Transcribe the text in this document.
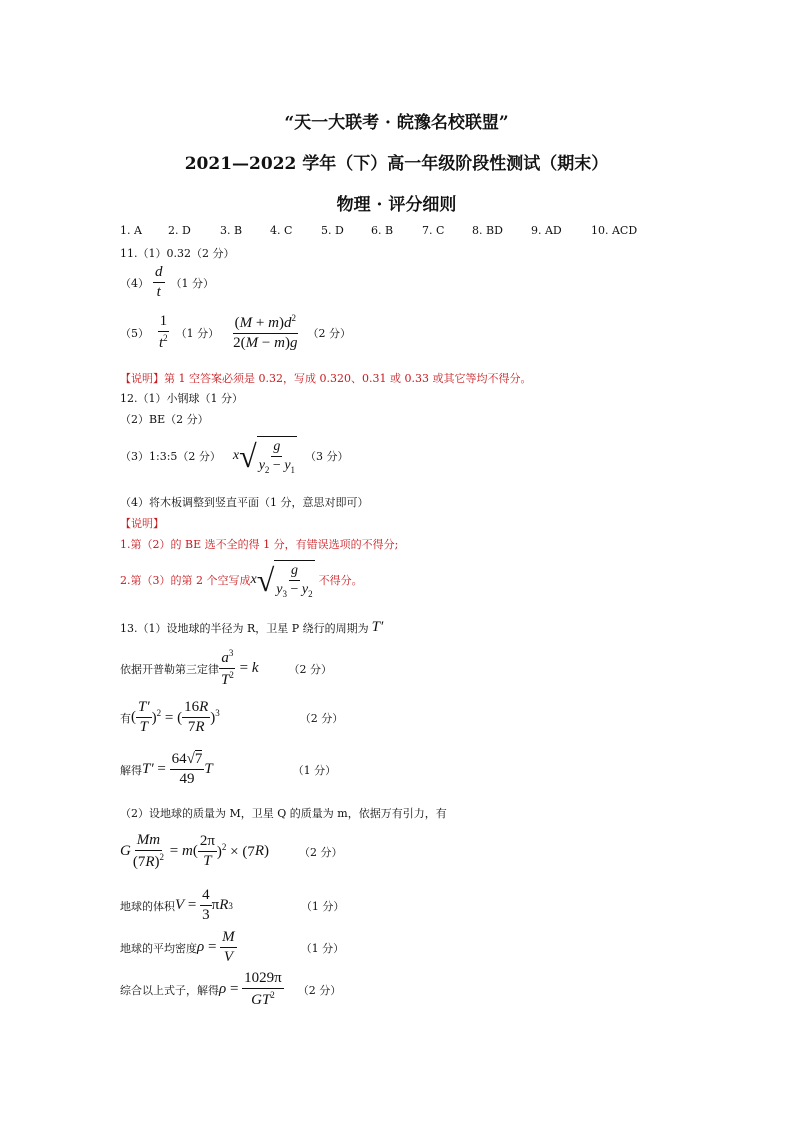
“天一大联考 · 皖豫名校联盟”
2021—2022 学年（下）高一年级阶段性测试（期末）
物理 · 评分细则
1. A	2. D	3. B	4. C	5. D	6. B	7. C	8. BD	9. AD	10. ACD
11.（1）0.32（2 分）
$(4) \frac{d}{t} (1$ 分）
$(5) \frac{1}{t^2} (1$ 分） $\frac{(M + m)d^2}{2(M - m)g} (2$ 分）
【说明】第 1 空答案必须是 0.32，写成 0.320、0.31 或 0.33 或其它等均不得分。
12.（1）小钢球（1 分）
（2）BE（2 分）
（3）1:3:5（2 分） x √ $\frac{g}{y_2 - y_1} (3$ 分）
（4）将木板调整到竖直平面（1 分，意思对即可）
【说明】
1.第（2）的 BE 选不全的得 1 分，有错误选项的不得分;
2.第（3）的第 2 个空写成 x √ $\frac{g}{y_3 - y_2}$ 不得分。
13.（1）设地球的半径为 R，卫星 P 绕行的周期为 T′
依据开普勒第三定律 $\frac{a^3}{T^2} = k$	（2 分）
有 ( $\frac{T'}{T} )^2$ = ( $\frac{16R}{7R} )^3$	（2 分）
解得 $T' = \frac{64√7}{49}$ T	（1 分）
（2）设地球的质量为 M，卫星 Q 的质量为 m，依据万有引力，有
G $\frac{Mm}{(7R)^2} = m$ ( $\frac{2\pi}{T} )^2 \times (7$ R )	（2 分）
地球的体积 $V = \frac{4}{3}$ π R 3	（1 分）
地球的平均密度 $\rho = \frac{M}{V}$	（1 分）
综合以上式子，解得 $\rho = \frac{1029\pi}{GT^2} (2$ 分）
